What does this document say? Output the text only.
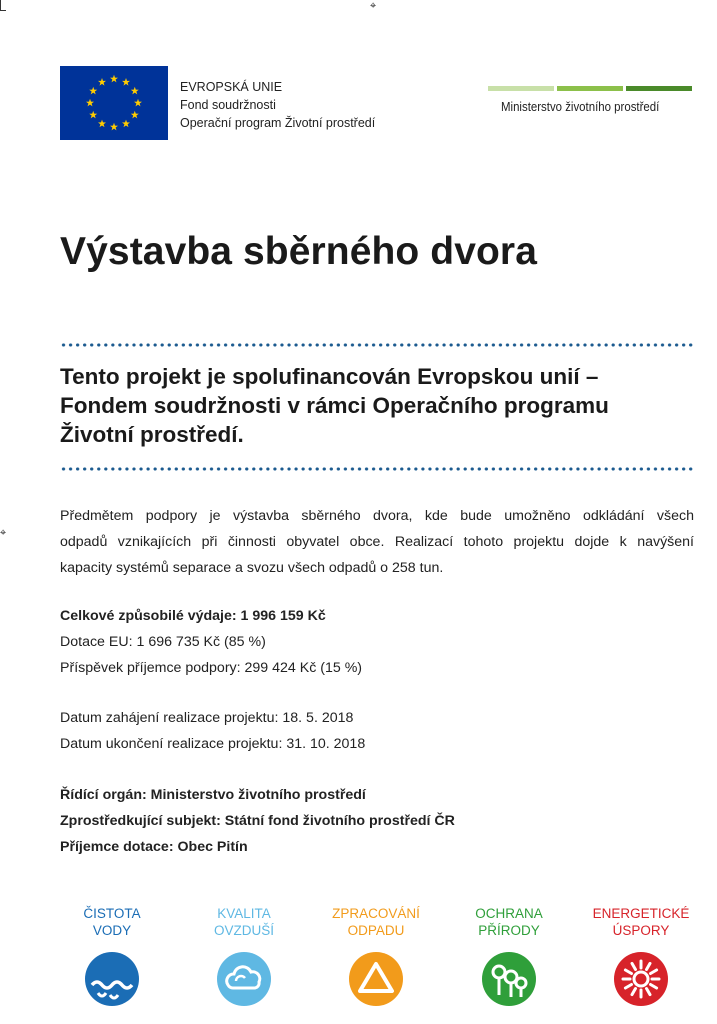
⌖
⌖
EVROPSKÁ UNIE
Fond soudržnosti
Operační program Životní prostředí
Ministerstvo životního prostředí
Výstavba sběrného dvora
Tento projekt je spolufinancován Evropskou unií –
Fondem soudržnosti v rámci Operačního programu
Životní prostředí.
Předmětem podpory je výstavba sběrného dvora, kde bude umožněno odkládání všech
odpadů vznikajících při činnosti obyvatel obce. Realizací tohoto projektu dojde k navýšení
kapacity systémů separace a svozu všech odpadů o 258 tun.
Celkové způsobilé výdaje: 1 996 159 Kč
Dotace EU: 1 696 735 Kč (85 %)
Příspěvek příjemce podpory: 299 424 Kč (15 %)
Datum zahájení realizace projektu: 18. 5. 2018
Datum ukončení realizace projektu: 31. 10. 2018
Řídící orgán: Ministerstvo životního prostředí
Zprostředkující subjekt: Státní fond životního prostředí ČR
Příjemce dotace: Obec Pitín
ČISTOTA
VODY
KVALITA
OVZDUŠÍ
ZPRACOVÁNÍ
ODPADU
OCHRANA
PŘÍRODY
ENERGETICKÉ
ÚSPORY
